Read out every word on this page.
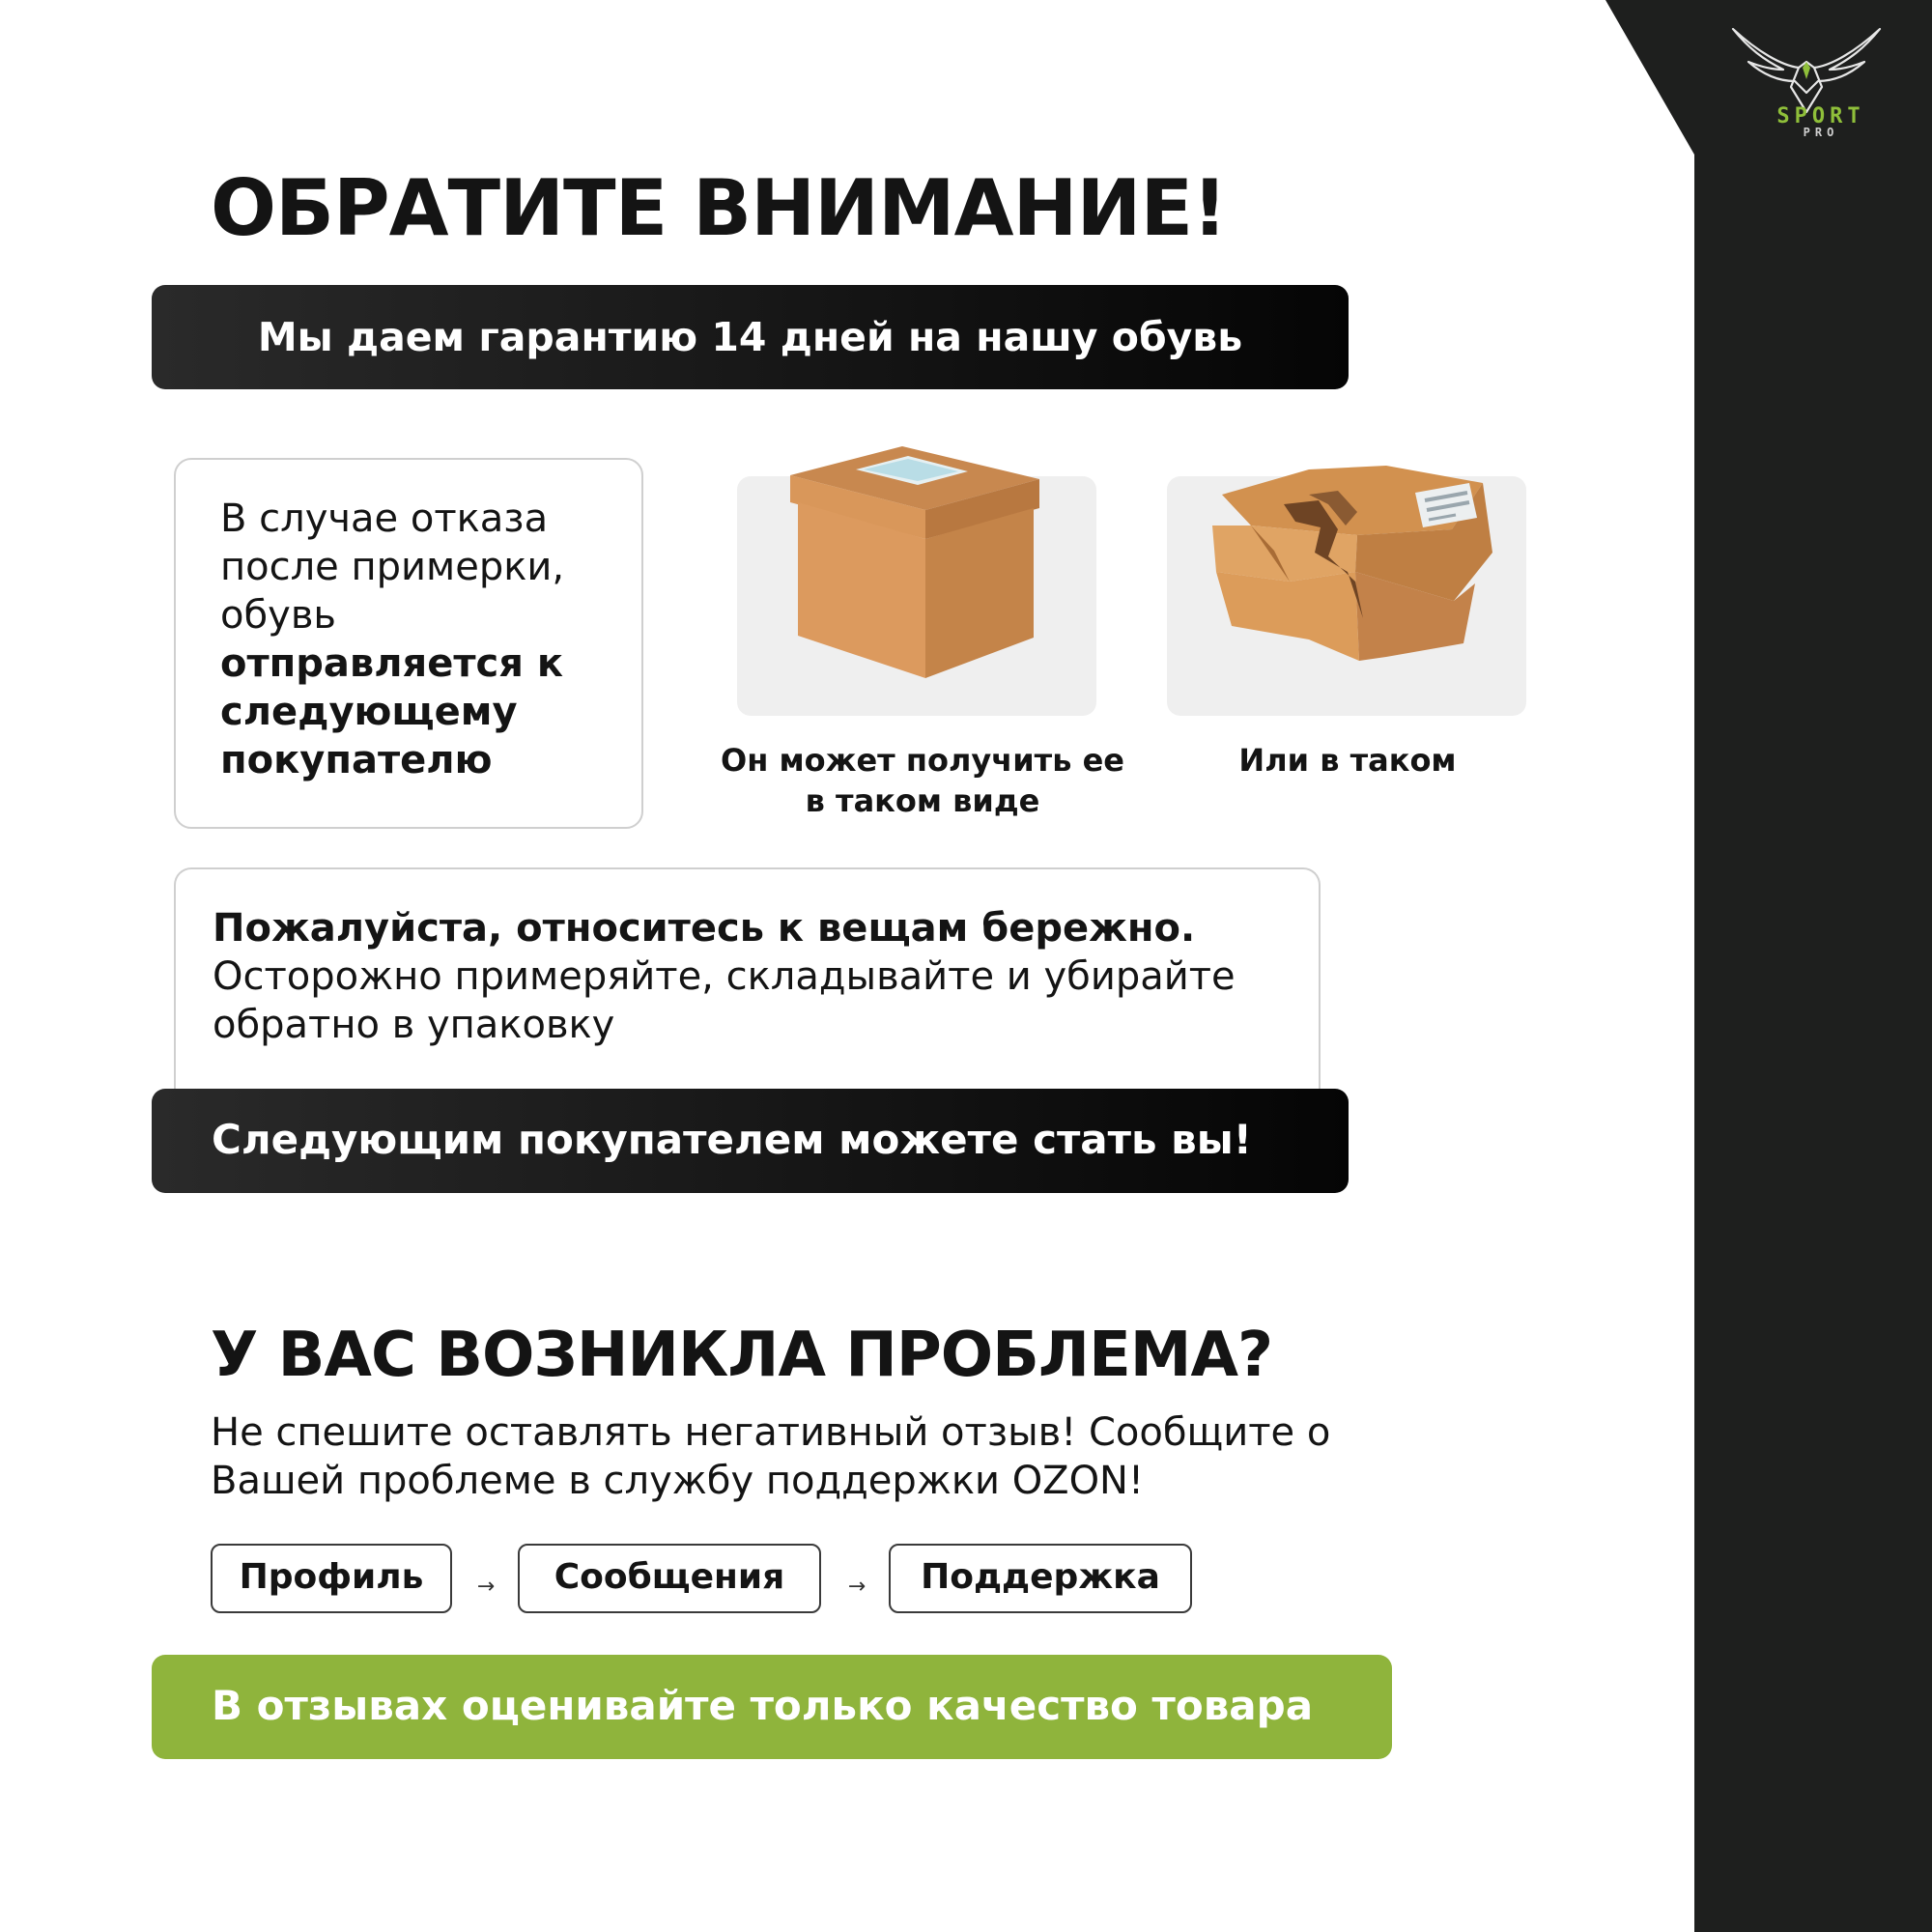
SPORT
PRO
ОБРАТИТЕ ВНИМАНИЕ!
Мы даем гарантию 14 дней на нашу обувь
В случае отказа после примерки, обувь отправляется к следующему покупателю	Он может получить ее в таком виде
Или в таком
Пожалуйста, относитесь к вещам бережно. Осторожно примеряйте, складывайте и убирайте обратно в упаковку
Следующим покупателем можете стать вы!
У ВАС ВОЗНИКЛА ПРОБЛЕМА?
Не спешите оставлять негативный отзыв! Сообщите о Вашей проблеме в службу поддержки OZON!
Профиль	→	Сообщения	→	Поддержка
В отзывах оценивайте только качество товара
